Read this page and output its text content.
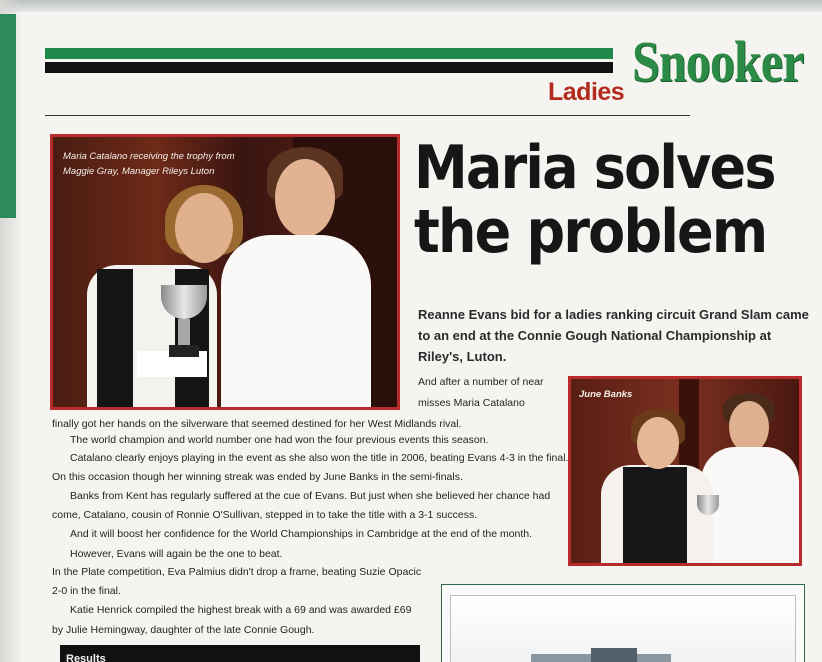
Ladies Snooker
Maria Catalano receiving the trophy from
Maggie Gray, Manager Rileys Luton	Maria solves
the problem
Reanne Evans bid for a ladies ranking circuit Grand Slam came to an end at the Connie Gough National Championship at Riley's, Luton.
And after a number of near
misses Maria Catalano
finally got her hands on the silverware that seemed destined for her West Midlands rival.
The world champion and world number one had won the four previous events this season.
Catalano clearly enjoys playing in the event as she also won the title in 2006, beating Evans 4-3 in the final.
On this occasion though her winning streak was ended by June Banks in the semi-finals.
Banks from Kent has regularly suffered at the cue of Evans. But just when she believed her chance had
come, Catalano, cousin of Ronnie O'Sullivan, stepped in to take the title with a 3-1 success.
And it will boost her confidence for the World Championships in Cambridge at the end of the month.
However, Evans will again be the one to beat.
In the Plate competition, Eva Palmius didn't drop a frame, beating Suzie Opacic
2-0 in the final.
Katie Henrick compiled the highest break with a 69 and was awarded £69
by Julie Hemingway, daughter of the late Connie Gough.
June Banks
Results
